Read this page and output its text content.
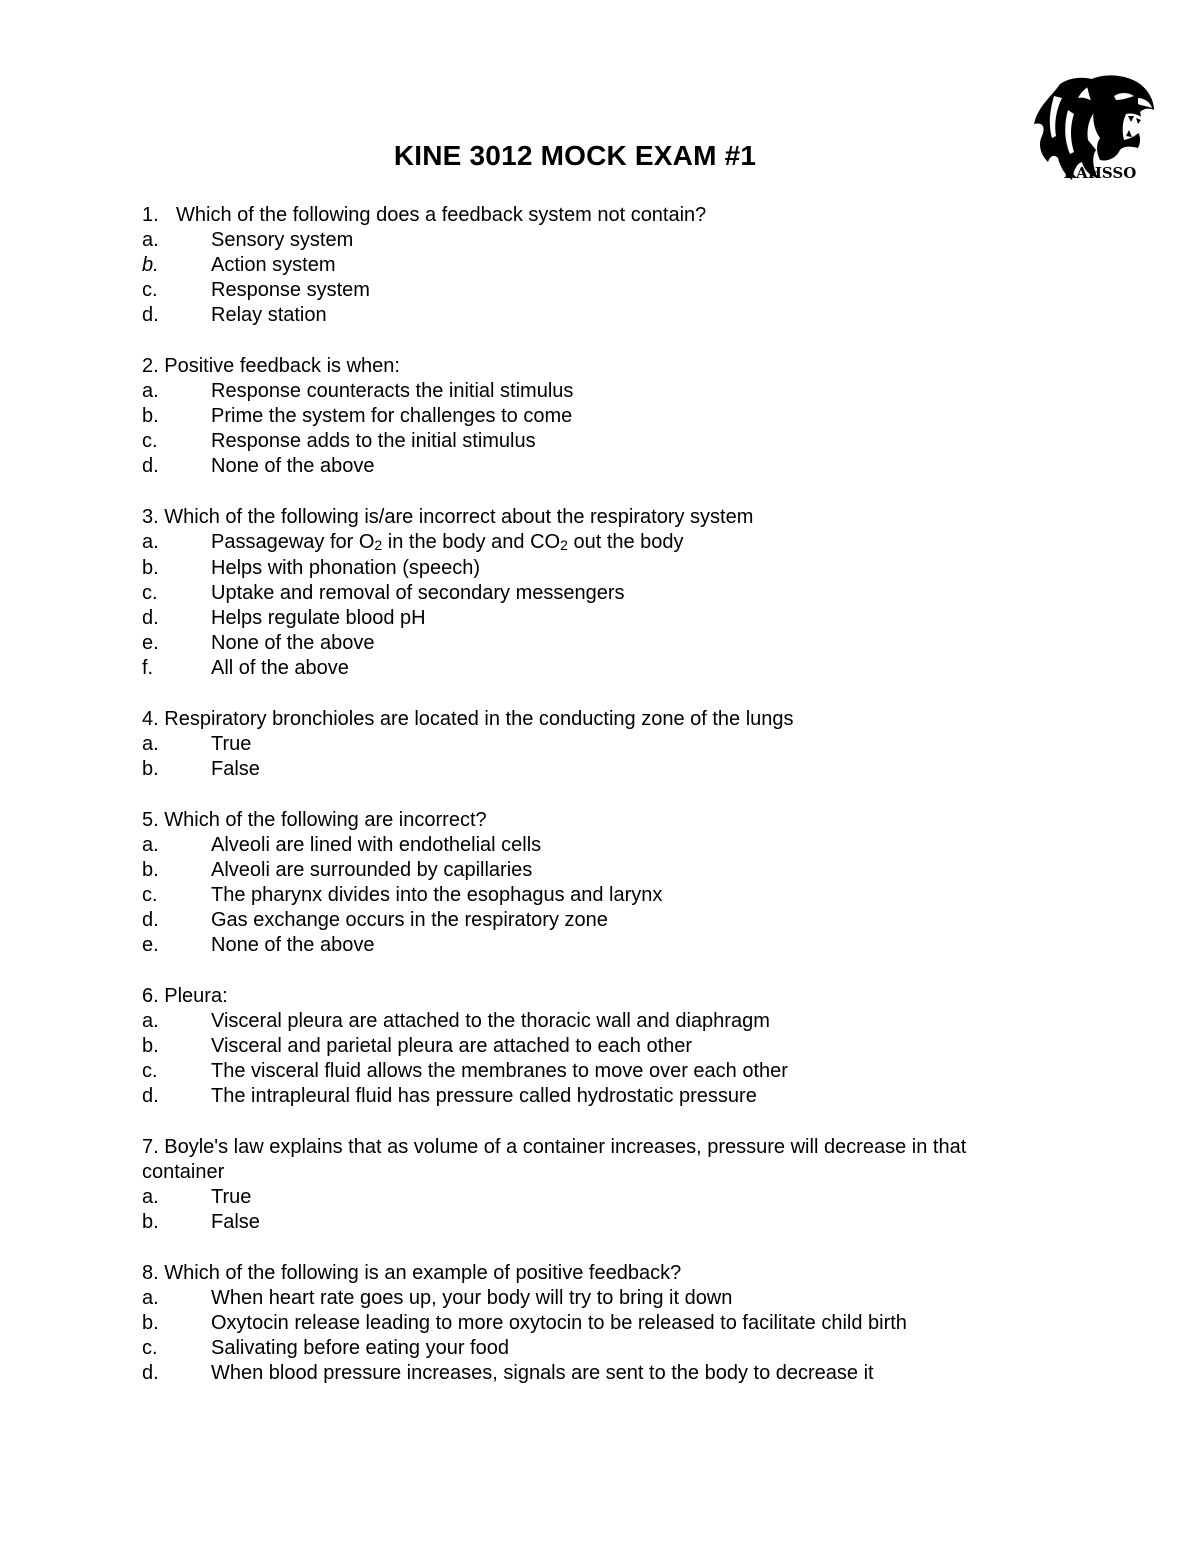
KAHSSO
KINE 3012 MOCK EXAM #1

1. Which of the following does a feedback system not contain?

a.	Sensory system
b.	Action system
c.	Response system
d.	Relay station

2. Positive feedback is when:

a.	Response counteracts the initial stimulus
b.	Prime the system for challenges to come
c.	Response adds to the initial stimulus
d.	None of the above

3. Which of the following is/are incorrect about the respiratory system

a.	Passageway for O2 in the body and CO2 out the body
b.	Helps with phonation (speech)
c.	Uptake and removal of secondary messengers
d.	Helps regulate blood pH
e.	None of the above
f.	All of the above

4. Respiratory bronchioles are located in the conducting zone of the lungs

a.	True
b.	False

5. Which of the following are incorrect?

a.	Alveoli are lined with endothelial cells
b.	Alveoli are surrounded by capillaries
c.	The pharynx divides into the esophagus and larynx
d.	Gas exchange occurs in the respiratory zone
e.	None of the above

6. Pleura:

a.	Visceral pleura are attached to the thoracic wall and diaphragm
b.	Visceral and parietal pleura are attached to each other
c.	The visceral fluid allows the membranes to move over each other
d.	The intrapleural fluid has pressure called hydrostatic pressure

7. Boyle's law explains that as volume of a container increases, pressure will decrease in that container

a.	True
b.	False

8. Which of the following is an example of positive feedback?

a.	When heart rate goes up, your body will try to bring it down
b.	Oxytocin release leading to more oxytocin to be released to facilitate child birth
c.	Salivating before eating your food
d.	When blood pressure increases, signals are sent to the body to decrease it
